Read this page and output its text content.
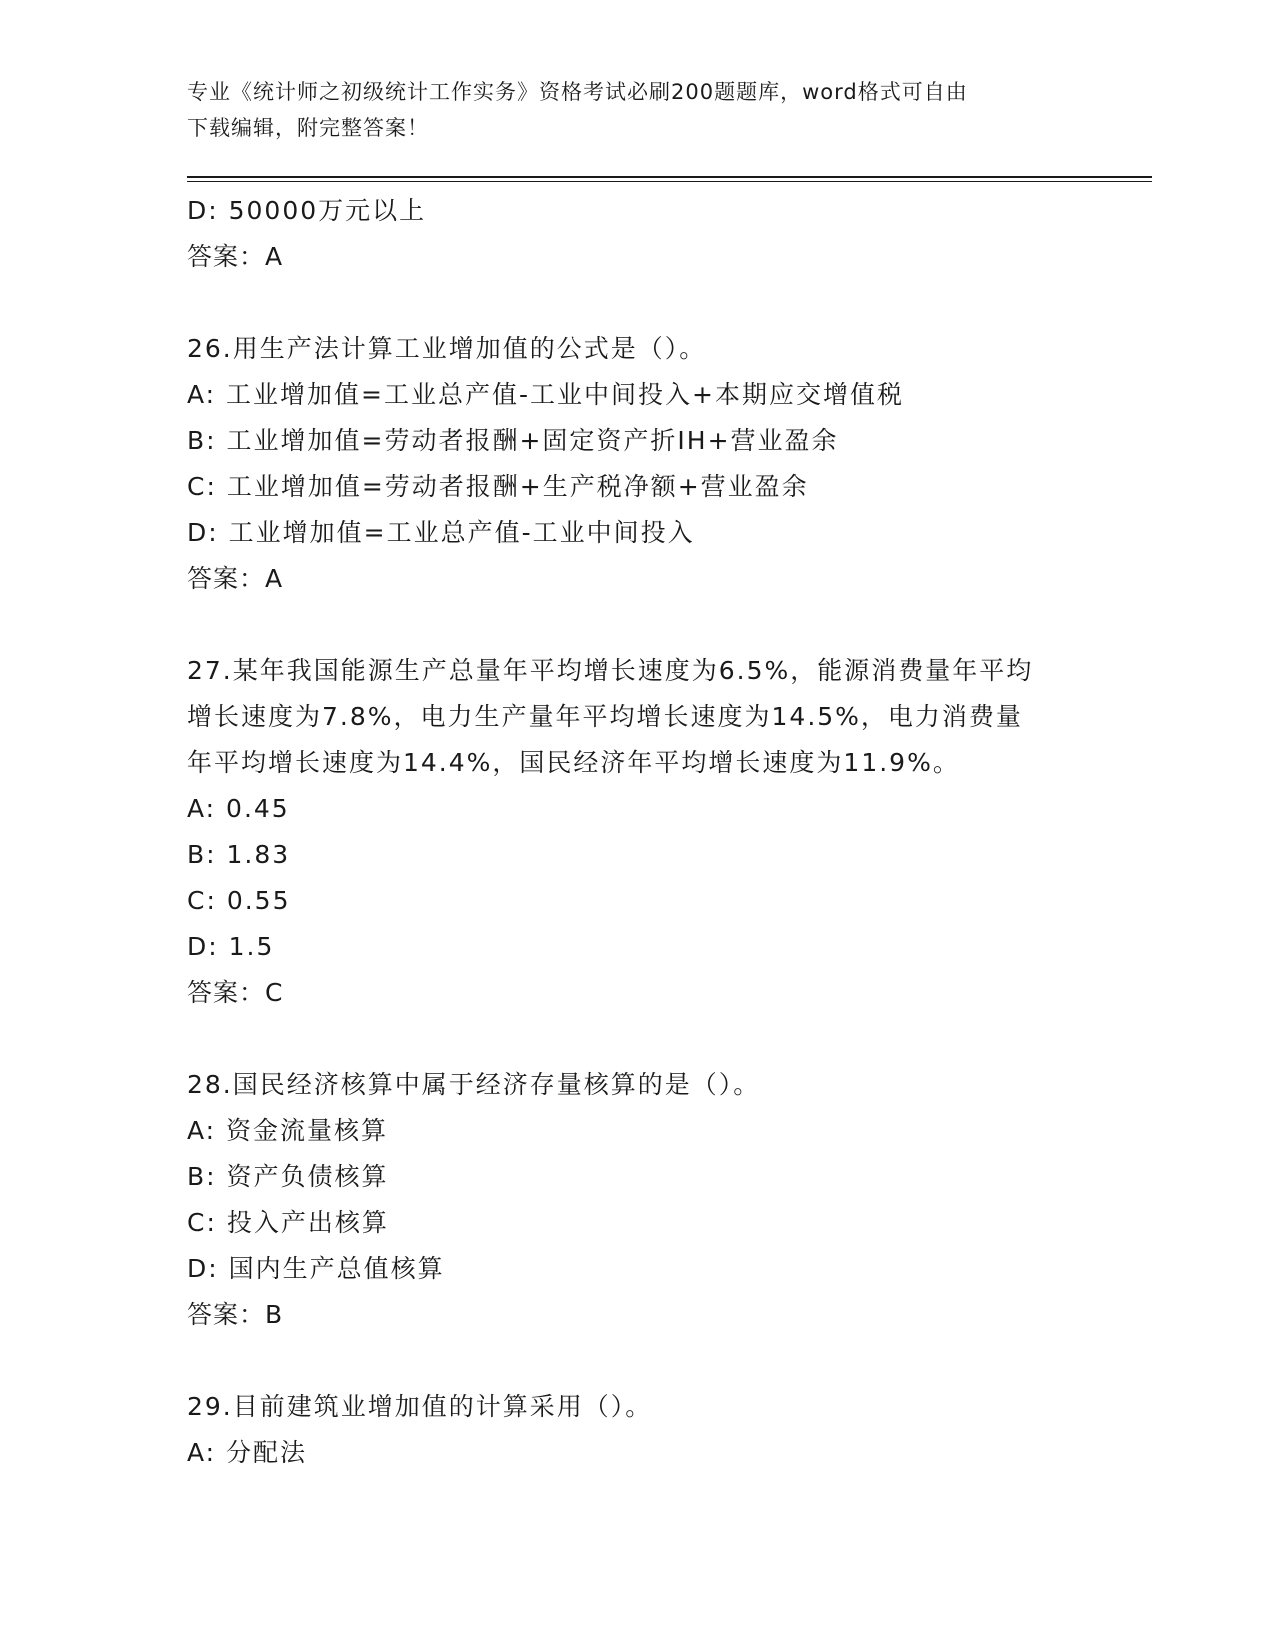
专业《统计师之初级统计工作实务》资格考试必刷200题题库，word格式可自由
下载编辑，附完整答案！
D: 50000万元以上
答案：A
26.用生产法计算工业增加值的公式是（）。
A: 工业增加值=工业总产值-工业中间投入+本期应交增值税
B: 工业增加值=劳动者报酬+固定资产折IH+营业盈余
C: 工业增加值=劳动者报酬+生产税净额+营业盈余
D: 工业增加值=工业总产值-工业中间投入
答案：A
27.某年我国能源生产总量年平均增长速度为6.5%，能源消费量年平均
增长速度为7.8%，电力生产量年平均增长速度为14.5%，电力消费量
年平均增长速度为14.4%，国民经济年平均增长速度为11.9%。
A: 0.45
B: 1.83
C: 0.55
D: 1.5
答案：C
28.国民经济核算中属于经济存量核算的是（）。
A: 资金流量核算
B: 资产负债核算
C: 投入产出核算
D: 国内生产总值核算
答案：B
29.目前建筑业增加值的计算采用（）。
A: 分配法
